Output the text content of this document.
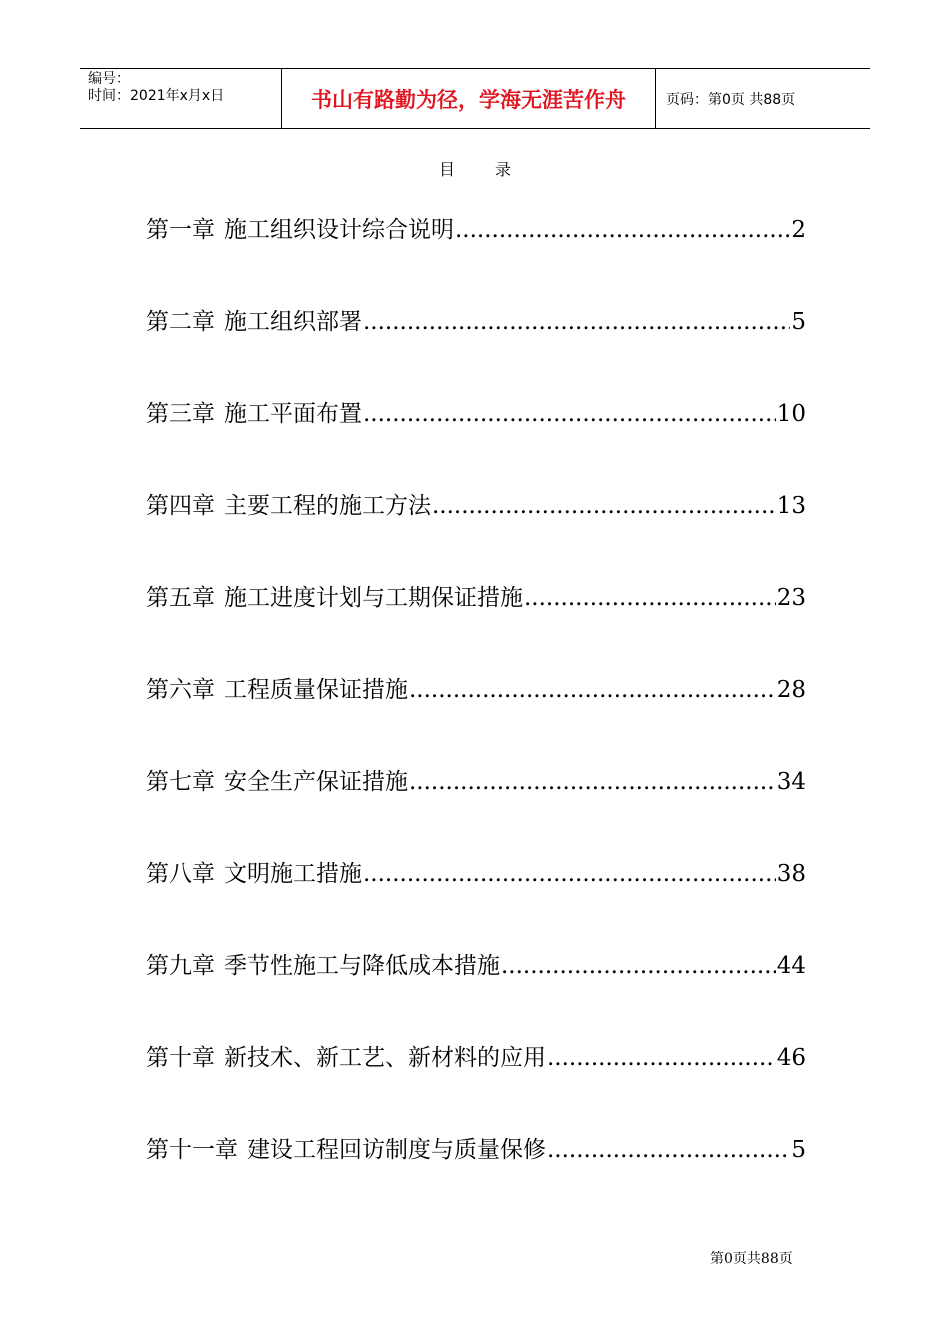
编号：
时间：2021年x月x日	书山有路勤为径，学海无涯苦作舟	页码：第0页 共88页
目录
第一章 施工组织设计综合说明 .....	2
第二章 施工组织部署 .....	5
第三章 施工平面布置 .....	10
第四章 主要工程的施工方法 .....	13
第五章 施工进度计划与工期保证措施 .....	23
第六章 工程质量保证措施 .....	28
第七章 安全生产保证措施 .....	34
第八章 文明施工措施 .....	38
第九章 季节性施工与降低成本措施 .....	44
第十章 新技术、新工艺、新材料的应用 .....	46
第十一章 建设工程回访制度与质量保修 .....	5
第0页共88页
